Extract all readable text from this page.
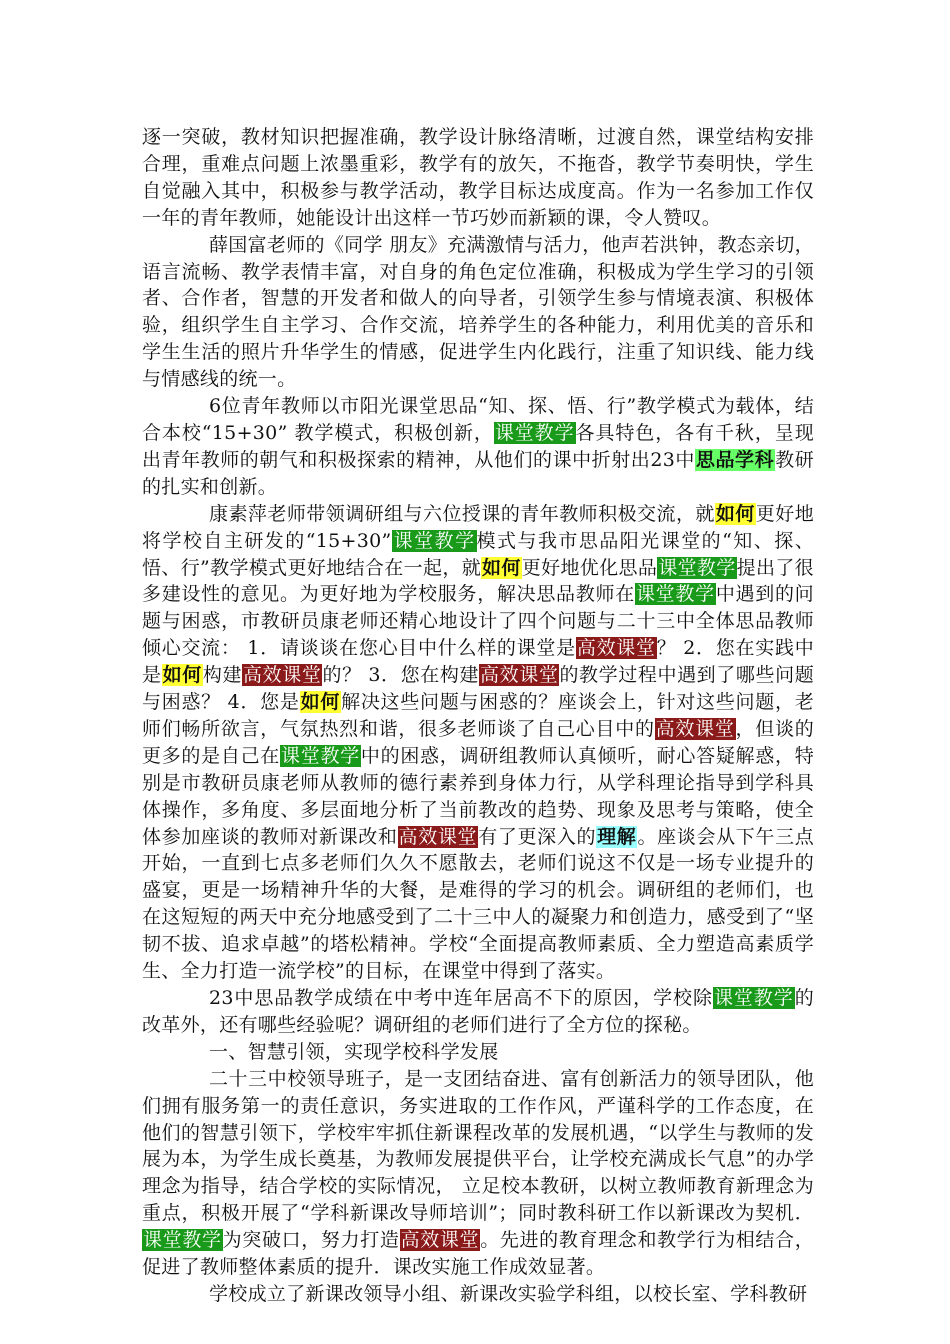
逐一突破，教材知识把握准确，教学设计脉络清晰，过渡自然，课堂结构安排合理，重难点问题上浓墨重彩，教学有的放矢，不拖沓，教学节奏明快，学生自觉融入其中，积极参与教学活动，教学目标达成度高。作为一名参加工作仅一年的青年教师，她能设计出这样一节巧妙而新颖的课，令人赞叹。

薛国富老师的《同学 朋友》充满激情与活力，他声若洪钟，教态亲切，语言流畅、教学表情丰富，对自身的角色定位准确，积极成为学生学习的引领者、合作者，智慧的开发者和做人的向导者，引领学生参与情境表演、积极体验，组织学生自主学习、合作交流，培养学生的各种能力，利用优美的音乐和学生生活的照片升华学生的情感，促进学生内化践行，注重了知识线、能力线与情感线的统一。

6位青年教师以市阳光课堂思品“知、探、悟、行”教学模式为载体，结合本校“15+30” 教学模式，积极创新，课堂教学各具特色，各有千秋，呈现出青年教师的朝气和积极探索的精神，从他们的课中折射出23中思品学科教研的扎实和创新。

康素萍老师带领调研组与六位授课的青年教师积极交流，就如何更好地将学校自主研发的“15+30”课堂教学模式与我市思品阳光课堂的“知、探、悟、行”教学模式更好地结合在一起，就如何更好地优化思品课堂教学提出了很多建设性的意见。为更好地为学校服务，解决思品教师在课堂教学中遇到的问题与困惑，市教研员康老师还精心地设计了四个问题与二十三中全体思品教师倾心交流： 1．请谈谈在您心目中什么样的课堂是高效课堂？ 2．您在实践中是如何构建高效课堂的？ 3．您在构建高效课堂的教学过程中遇到了哪些问题与困惑？ 4．您是如何解决这些问题与困惑的？座谈会上，针对这些问题，老师们畅所欲言，气氛热烈和谐，很多老师谈了自己心目中的高效课堂，但谈的更多的是自己在课堂教学中的困惑，调研组教师认真倾听，耐心答疑解惑，特别是市教研员康老师从教师的德行素养到身体力行，从学科理论指导到学科具体操作，多角度、多层面地分析了当前教改的趋势、现象及思考与策略，使全体参加座谈的教师对新课改和高效课堂有了更深入的理解。座谈会从下午三点开始，一直到七点多老师们久久不愿散去，老师们说这不仅是一场专业提升的盛宴，更是一场精神升华的大餐，是难得的学习的机会。调研组的老师们，也在这短短的两天中充分地感受到了二十三中人的凝聚力和创造力，感受到了“坚韧不拔、追求卓越”的塔松精神。学校“全面提高教师素质、全力塑造高素质学生、全力打造一流学校”的目标，在课堂中得到了落实。

23中思品教学成绩在中考中连年居高不下的原因，学校除课堂教学的改革外，还有哪些经验呢？调研组的老师们进行了全方位的探秘。

一、智慧引领，实现学校科学发展

二十三中校领导班子，是一支团结奋进、富有创新活力的领导团队，他们拥有服务第一的责任意识，务实进取的工作作风，严谨科学的工作态度，在他们的智慧引领下，学校牢牢抓住新课程改革的发展机遇，“以学生与教师的发展为本，为学生成长奠基，为教师发展提供平台，让学校充满成长气息”的办学理念为指导，结合学校的实际情况， 立足校本教研，以树立教师教育新理念为重点，积极开展了“学科新课改导师培训”；同时教科研工作以新课改为契机．课堂教学为突破口，努力打造高效课堂。先进的教育理念和教学行为相结合，促进了教师整体素质的提升．课改实施工作成效显著。

学校成立了新课改领导小组、新课改实验学科组，以校长室、学科教研
